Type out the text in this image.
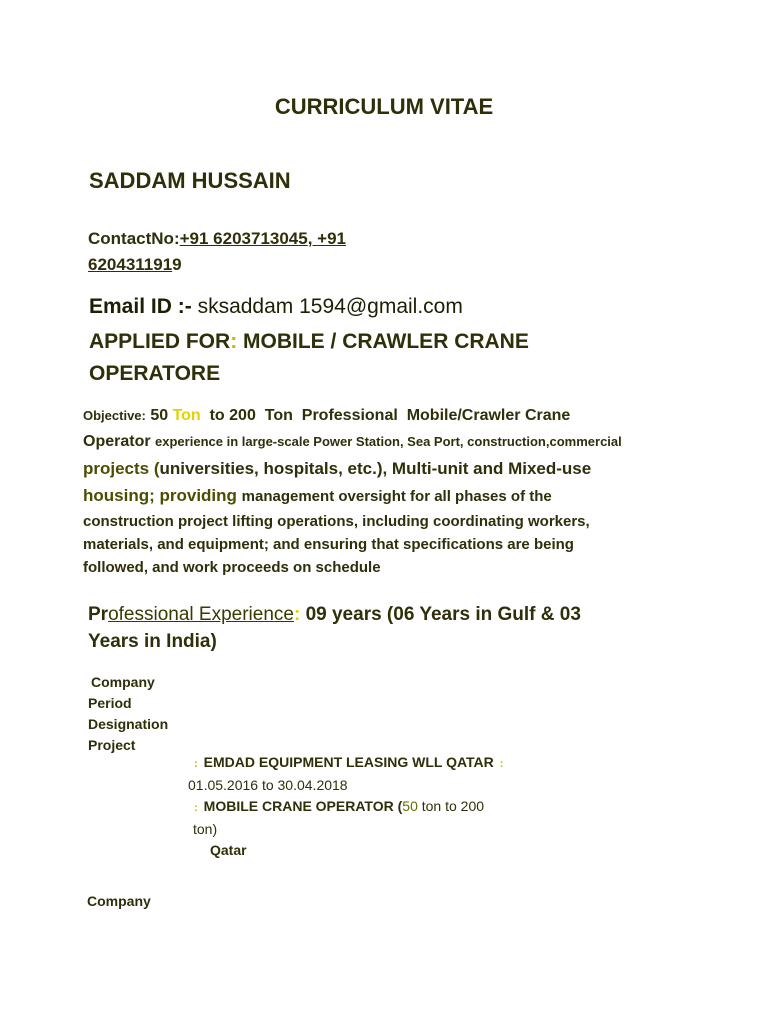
CURRICULUM VITAE
SADDAM HUSSAIN
ContactNo:+91 6203713045, +91
6204311919
Email ID :- sksaddam 1594@gmail.com
APPLIED FOR: MOBILE / CRAWLER CRANE
OPERATORE
Objective: 50 Ton to 200 Ton Professional Mobile/Crawler Crane
Operator experience in large-scale Power Station, Sea Port, construction,commercial
projects (universities, hospitals, etc.), Multi-unit and Mixed-use
housing; providing management oversight for all phases of the
construction project lifting operations, including coordinating workers,
materials, and equipment; and ensuring that specifications are being
followed, and work proceeds on schedule
Professional Experience: 09 years (06 Years in Gulf & 03
Years in India)
Company
Period
Designation
Project
: EMDAD EQUIPMENT LEASING WLL QATAR :
01.05.2016 to 30.04.2018
: MOBILE CRANE OPERATOR (50 ton to 200
ton)
Qatar
Company
